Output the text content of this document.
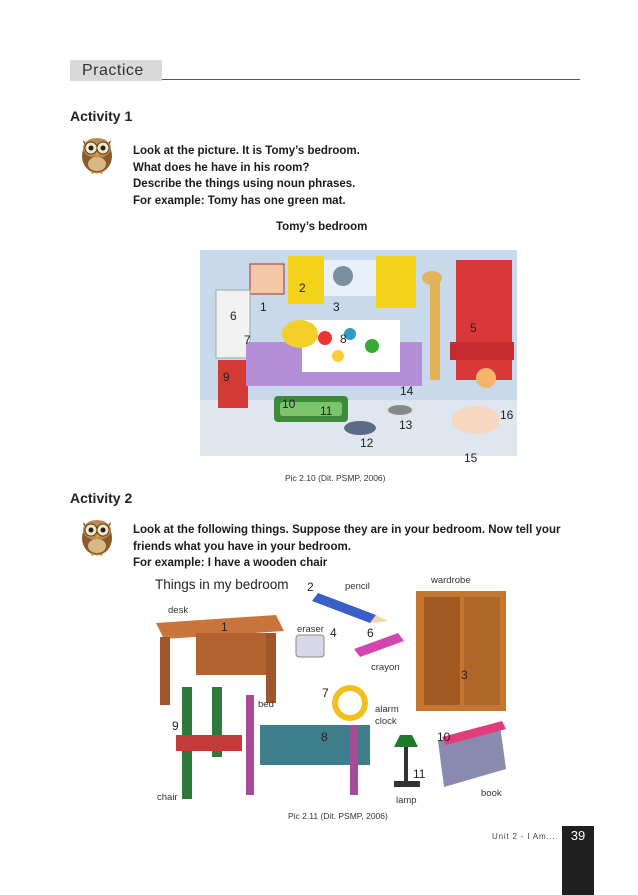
Practice
Activity 1
Look at the picture. It is Tomy’s bedroom.
What does he have in his room?
Describe the things using noun phrases.
For example: Tomy has one green mat.
Tomy’s bedroom
1
2
3
5
6
7	8
9
10 11
12
13
14
15
16
Pic 2.10 (Dit. PSMP, 2006)
Activity 2
Look at the following things. Suppose they are in your bedroom. Now tell your
friends what you have in your bedroom.
For example: I have a wooden chair
Things in my bedroom
desk
pencil
wardrobe
eraser
crayon
bed	alarm
clock
chair	lamp
book
1
2
3
4	6
7
8
9
10
11
Pic 2.11 (Dit. PSMP, 2006)
Unit 2 - I Am.... 39
